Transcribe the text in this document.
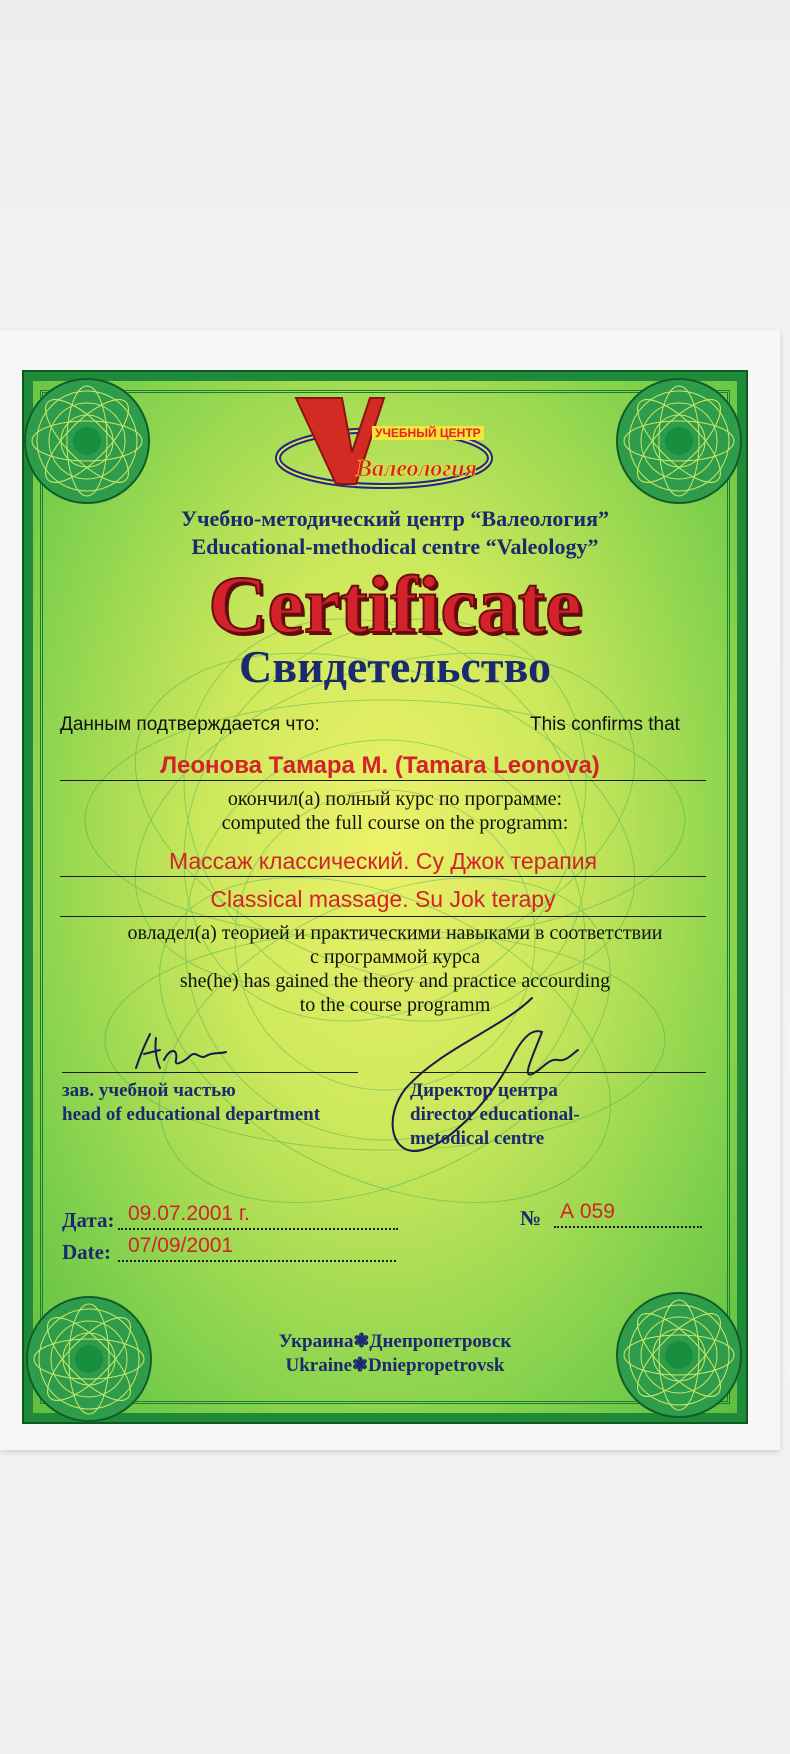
УЧЕБНЫЙ ЦЕНТР
Валеология
Учебно-методический центр “Валеология”
Educational-methodical centre “Valeology”
Certificate
Свидетельство
Данным подтверждается что:	This confirms that
Леонова Тамара М. (Tamara Leonova)
окончил(а) полный курс по программе:
computed the full course on the programm:
Массаж классический. Су Джок терапия
Classical massage. Su Jok terapy
овладел(а) теорией и практическими навыками в соответствии
с программой курса
she(he) has gained the theory and practice accourding
to the course programm
зав. учебной частью
head of educational department
Директор центра
director educational-
metodical centre
Дата: 09.07.2001 г.
Date: 07/09/2001
№ А 059
Украина❃Днепропетровск
Ukraine❃Dniepropetrovsk
